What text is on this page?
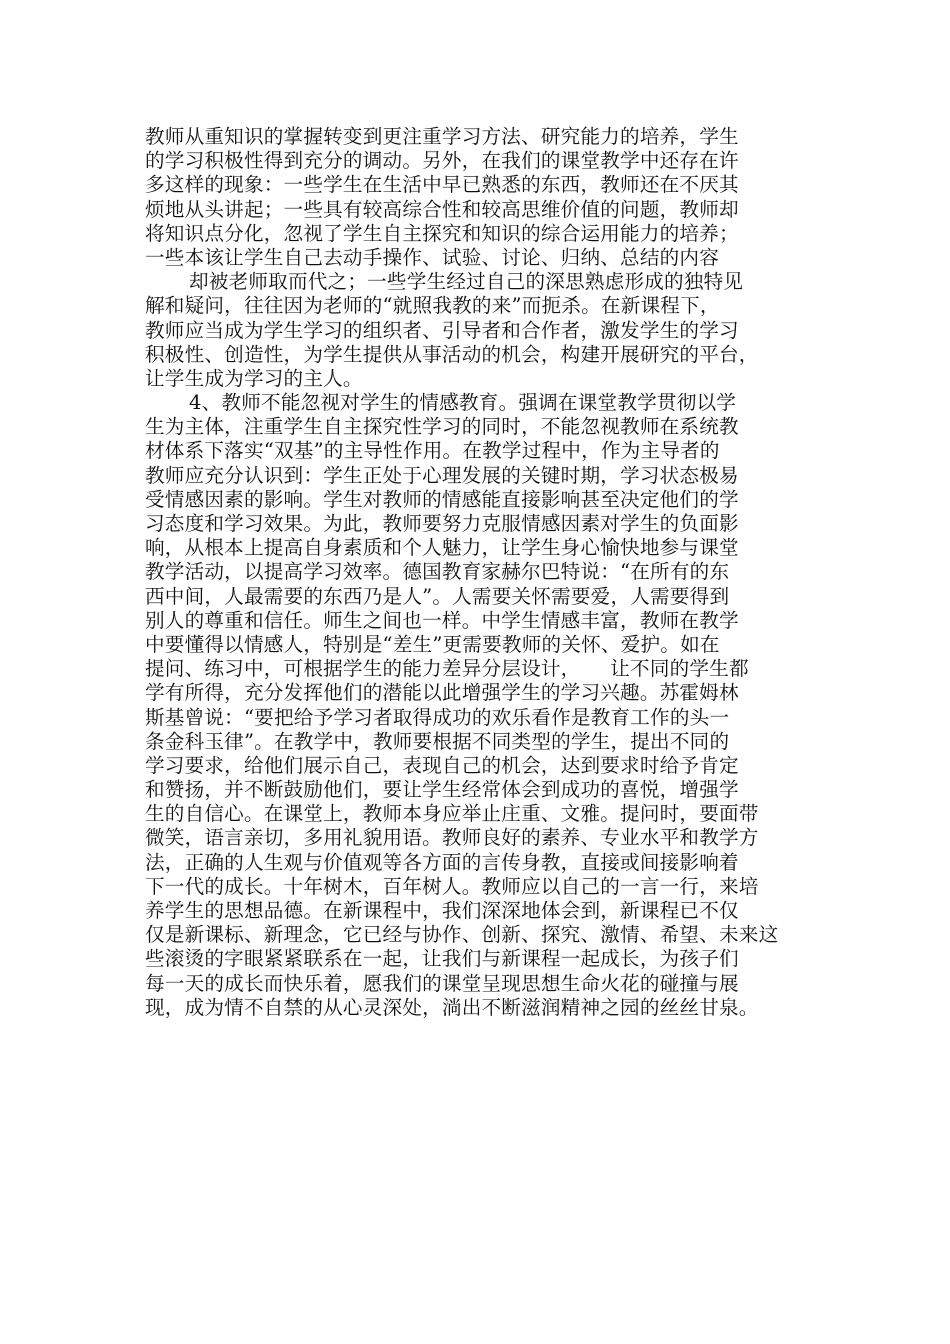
教师从重知识的掌握转变到更注重学习方法、研究能力的培养，学生
的学习积极性得到充分的调动。另外，在我们的课堂教学中还存在许
多这样的现象：一些学生在生活中早已熟悉的东西，教师还在不厌其
烦地从头讲起；一些具有较高综合性和较高思维价值的问题，教师却
将知识点分化，忽视了学生自主探究和知识的综合运用能力的培养；
一些本该让学生自己去动手操作、试验、讨论、归纳、总结的内容
却被老师取而代之；一些学生经过自己的深思熟虑形成的独特见
解和疑问，往往因为老师的“就照我教的来”而扼杀。在新课程下，
教师应当成为学生学习的组织者、引导者和合作者，激发学生的学习
积极性、创造性，为学生提供从事活动的机会，构建开展研究的平台，
让学生成为学习的主人。
4、教师不能忽视对学生的情感教育。强调在课堂教学贯彻以学
生为主体，注重学生自主探究性学习的同时，不能忽视教师在系统教
材体系下落实“双基”的主导性作用。在教学过程中，作为主导者的
教师应充分认识到：学生正处于心理发展的关键时期，学习状态极易
受情感因素的影响。学生对教师的情感能直接影响甚至决定他们的学
习态度和学习效果。为此，教师要努力克服情感因素对学生的负面影
响，从根本上提高自身素质和个人魅力，让学生身心愉快地参与课堂
教学活动，以提高学习效率。德国教育家赫尔巴特说：“在所有的东
西中间，人最需要的东西乃是人”。人需要关怀需要爱，人需要得到
别人的尊重和信任。师生之间也一样。中学生情感丰富，教师在教学
中要懂得以情感人，特别是“差生”更需要教师的关怀、爱护。如在
提问、练习中，可根据学生的能力差异分层设计，　　让不同的学生都
学有所得，充分发挥他们的潜能以此增强学生的学习兴趣。苏霍姆林
斯基曾说：“要把给予学习者取得成功的欢乐看作是教育工作的头一
条金科玉律”。在教学中，教师要根据不同类型的学生，提出不同的
学习要求，给他们展示自己，表现自己的机会，达到要求时给予肯定
和赞扬，并不断鼓励他们，要让学生经常体会到成功的喜悦，增强学
生的自信心。在课堂上，教师本身应举止庄重、文雅。提问时，要面带
微笑，语言亲切，多用礼貌用语。教师良好的素养、专业水平和教学方
法，正确的人生观与价值观等各方面的言传身教，直接或间接影响着
下一代的成长。十年树木，百年树人。教师应以自己的一言一行，来培
养学生的思想品德。在新课程中，我们深深地体会到，新课程已不仅
仅是新课标、新理念，它已经与协作、创新、探究、激情、希望、未来这
些滚烫的字眼紧紧联系在一起，让我们与新课程一起成长，为孩子们
每一天的成长而快乐着，愿我们的课堂呈现思想生命火花的碰撞与展
现，成为情不自禁的从心灵深处，淌出不断滋润精神之园的丝丝甘泉。
